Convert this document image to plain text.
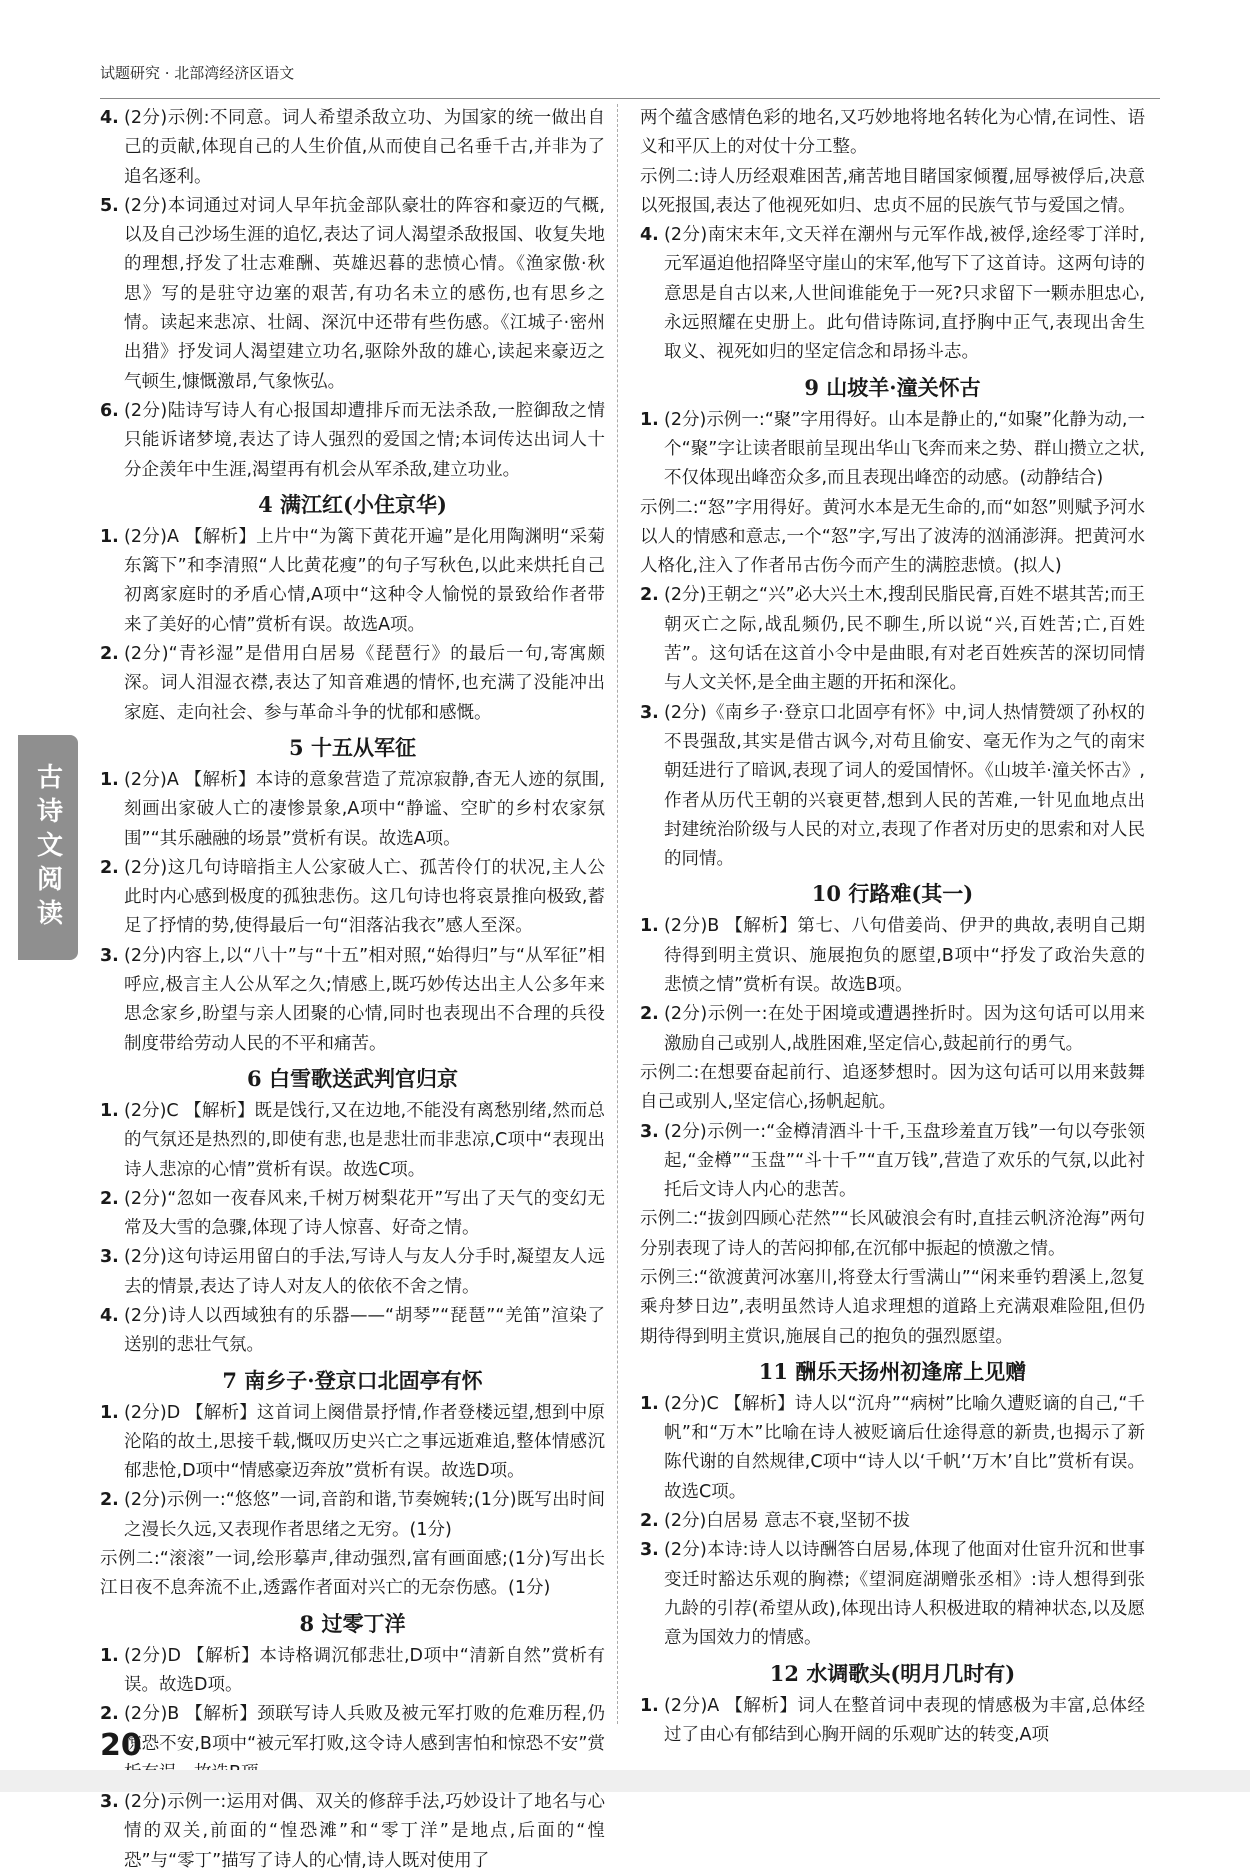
试题研究 · 北部湾经济区语文
4. (2分)示例:不同意。词人希望杀敌立功、为国家的统一做出自己的贡献,体现自己的人生价值,从而使自己名垂千古,并非为了追名逐利。
5. (2分)本词通过对词人早年抗金部队豪壮的阵容和豪迈的气概,以及自己沙场生涯的追忆,表达了词人渴望杀敌报国、收复失地的理想,抒发了壮志难酬、英雄迟暮的悲愤心情。《渔家傲·秋思》写的是驻守边塞的艰苦,有功名未立的感伤,也有思乡之情。读起来悲凉、壮阔、深沉中还带有些伤感。《江城子·密州出猎》抒发词人渴望建立功名,驱除外敌的雄心,读起来豪迈之气顿生,慷慨激昂,气象恢弘。
6. (2分)陆诗写诗人有心报国却遭排斥而无法杀敌,一腔御敌之情只能诉诸梦境,表达了诗人强烈的爱国之情;本词传达出词人十分企羡年中生涯,渴望再有机会从军杀敌,建立功业。
4 满江红(小住京华)
1. (2分)A 【解析】上片中“为篱下黄花开遍”是化用陶渊明“采菊东篱下”和李清照“人比黄花瘦”的句子写秋色,以此来烘托自己初离家庭时的矛盾心情,A项中“这种令人愉悦的景致给作者带来了美好的心情”赏析有误。故选A项。
2. (2分)“青衫湿”是借用白居易《琵琶行》的最后一句,寄寓颇深。词人泪湿衣襟,表达了知音难遇的情怀,也充满了没能冲出家庭、走向社会、参与革命斗争的忧郁和感慨。
5 十五从军征
1. (2分)A 【解析】本诗的意象营造了荒凉寂静,杳无人迹的氛围,刻画出家破人亡的凄惨景象,A项中“静谧、空旷的乡村农家氛围”“其乐融融的场景”赏析有误。故选A项。
2. (2分)这几句诗暗指主人公家破人亡、孤苦伶仃的状况,主人公此时内心感到极度的孤独悲伤。这几句诗也将哀景推向极致,蓄足了抒情的势,使得最后一句“泪落沾我衣”感人至深。
3. (2分)内容上,以“八十”与“十五”相对照,“始得归”与“从军征”相呼应,极言主人公从军之久;情感上,既巧妙传达出主人公多年来思念家乡,盼望与亲人团聚的心情,同时也表现出不合理的兵役制度带给劳动人民的不平和痛苦。
6 白雪歌送武判官归京
1. (2分)C 【解析】既是饯行,又在边地,不能没有离愁别绪,然而总的气氛还是热烈的,即使有悲,也是悲壮而非悲凉,C项中“表现出诗人悲凉的心情”赏析有误。故选C项。
2. (2分)“忽如一夜春风来,千树万树梨花开”写出了天气的变幻无常及大雪的急骤,体现了诗人惊喜、好奇之情。
3. (2分)这句诗运用留白的手法,写诗人与友人分手时,凝望友人远去的情景,表达了诗人对友人的依依不舍之情。
4. (2分)诗人以西域独有的乐器——“胡琴”“琵琶”“羌笛”渲染了送别的悲壮气氛。
7 南乡子·登京口北固亭有怀
1. (2分)D 【解析】这首词上阕借景抒情,作者登楼远望,想到中原沦陷的故土,思接千载,慨叹历史兴亡之事远逝难追,整体情感沉郁悲怆,D项中“情感豪迈奔放”赏析有误。故选D项。
2. (2分)示例一:“悠悠”一词,音韵和谐,节奏婉转;(1分)既写出时间之漫长久远,又表现作者思绪之无穷。(1分)
示例二:“滚滚”一词,绘形摹声,律动强烈,富有画面感;(1分)写出长江日夜不息奔流不止,透露作者面对兴亡的无奈伤感。(1分)
8 过零丁洋
1. (2分)D 【解析】本诗格调沉郁悲壮,D项中“清新自然”赏析有误。故选D项。
2. (2分)B 【解析】颈联写诗人兵败及被元军打败的危难历程,仍惊恐不安,B项中“被元军打败,这令诗人感到害怕和惊恐不安”赏
3. (2分)示例一:运用对偶、双关的修辞手法,巧妙设计了地名与心情的双关,前面的“惶恐滩”和“零丁洋”是地点,后面的“惶恐”与“零丁”描写了诗人的心情,诗人既对使用了
两个蕴含感情色彩的地名,又巧妙地将地名转化为心情,在词性、语义和平仄上的对仗十分工整。
示例二:诗人历经艰难困苦,痛苦地目睹国家倾覆,屈辱被俘后,决意以死报国,表达了他视死如归、忠贞不屈的民族气节与爱国之情。
4. (2分)南宋末年,文天祥在潮州与元军作战,被俘,途经零丁洋时,元军逼迫他招降坚守崖山的宋军,他写下了这首诗。这两句诗的意思是自古以来,人世间谁能免于一死?只求留下一颗赤胆忠心,永远照耀在史册上。此句借诗陈词,直抒胸中正气,表现出舍生取义、视死如归的坚定信念和昂扬斗志。
9 山坡羊·潼关怀古
1. (2分)示例一:“聚”字用得好。山本是静止的,“如聚”化静为动,一个“聚”字让读者眼前呈现出华山飞奔而来之势、群山攒立之状,不仅体现出峰峦众多,而且表现出峰峦的动感。(动静结合)
示例二:“怒”字用得好。黄河水本是无生命的,而“如怒”则赋予河水以人的情感和意志,一个“怒”字,写出了波涛的汹涌澎湃。把黄河水人格化,注入了作者吊古伤今而产生的满腔悲愤。(拟人)
2. (2分)王朝之“兴”必大兴土木,搜刮民脂民膏,百姓不堪其苦;而王朝灭亡之际,战乱频仍,民不聊生,所以说“兴,百姓苦;亡,百姓苦”。这句话在这首小令中是曲眼,有对老百姓疾苦的深切同情与人文关怀,是全曲主题的开拓和深化。
3. (2分)《南乡子·登京口北固亭有怀》中,词人热情赞颂了孙权的不畏强敌,其实是借古讽今,对苟且偷安、毫无作为之气的南宋朝廷进行了暗讽,表现了词人的爱国情怀。《山坡羊·潼关怀古》,作者从历代王朝的兴衰更替,想到人民的苦难,一针见血地点出封建统治阶级与人民的对立,表现了作者对历史的思索和对人民的同情。
10 行路难(其一)
1. (2分)B 【解析】第七、八句借姜尚、伊尹的典故,表明自己期待得到明主赏识、施展抱负的愿望,B项中“抒发了政治失意的悲愤之情”赏析有误。故选B项。
2. (2分)示例一:在处于困境或遭遇挫折时。因为这句话可以用来激励自己或别人,战胜困难,坚定信心,鼓起前行的勇气。
示例二:在想要奋起前行、追逐梦想时。因为这句话可以用来鼓舞自己或别人,坚定信心,扬帆起航。
3. (2分)示例一:“金樽清酒斗十千,玉盘珍羞直万钱”一句以夸张领起,“金樽”“玉盘”“斗十千”“直万钱”,营造了欢乐的气氛,以此衬托后文诗人内心的悲苦。
示例二:“拔剑四顾心茫然”“长风破浪会有时,直挂云帆济沧海”两句分别表现了诗人的苦闷抑郁,在沉郁中振起的愤激之情。
示例三:“欲渡黄河冰塞川,将登太行雪满山”“闲来垂钓碧溪上,忽复乘舟梦日边”,表明虽然诗人追求理想的道路上充满艰难险阻,但仍期待得到明主赏识,施展自己的抱负的强烈愿望。
11 酬乐天扬州初逢席上见赠
1. (2分)C 【解析】诗人以“沉舟”“病树”比喻久遭贬谪的自己,“千帆”和“万木”比喻在诗人被贬谪后仕途得意的新贵,也揭示了新陈代谢的自然规律,C项中“诗人以‘千帆’‘万木’自比”赏析有误。故选C项。
2. (2分)白居易 意志不衰,坚韧不拔
3. (2分)本诗:诗人以诗酬答白居易,体现了他面对仕宦升沉和世事变迁时豁达乐观的胸襟;《望洞庭湖赠张丞相》:诗人想得到张九龄的引荐(希望从政),体现出诗人积极进取的精神状态,以及愿意为国效力的情感。
12 水调歌头(明月几时有)
1. (2分)A 【解析】词人在整首词中表现的情感极为丰富,总体经过了由心有郁结到心胸开阔的乐观旷达的转变,A项
古诗文阅读
20
